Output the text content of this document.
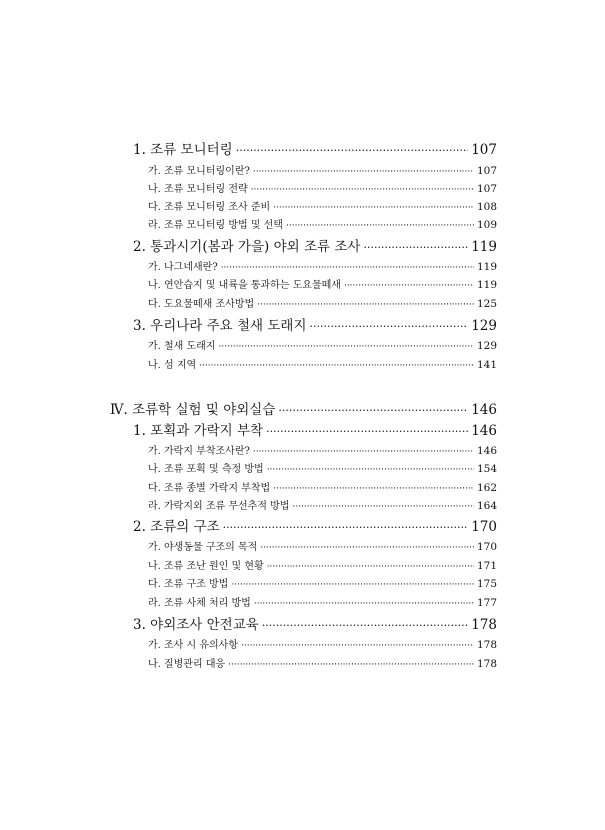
1. 조류 모니터링 ·····	107
가. 조류 모니터링이란? ·····	107
나. 조류 모니터링 전략 ·····	107
다. 조류 모니터링 조사 준비 ·····	108
라. 조류 모니터링 방법 및 선택 ·····	109
2. 통과시기(봄과 가을) 야외 조류 조사 ·····	119
가. 나그네새란? ·····	119
나. 연안습지 및 내륙을 통과하는 도요물떼새 ·····	119
다. 도요물떼새 조사방법 ·····	125
3. 우리나라 주요 철새 도래지 ·····	129
가. 철새 도래지 ·····	129
나. 섬 지역 ·····	141
Ⅳ. 조류학 실험 및 야외실습 ·····	146
1. 포획과 가락지 부착 ·····	146
가. 가락지 부착조사란? ·····	146
나. 조류 포획 및 측정 방법 ·····	154
다. 조류 종별 가락지 부착법 ·····	162
라. 가락지외 조류 무선추적 방법 ·····	164
2. 조류의 구조 ·····	170
가. 야생동물 구조의 목적 ·····	170
나. 조류 조난 원인 및 현황 ·····	171
다. 조류 구조 방법 ·····	175
라. 조류 사체 처리 방법 ·····	177
3. 야외조사 안전교육 ·····	178
가. 조사 시 유의사항 ·····	178
나. 질병관리 대응 ·····	178
